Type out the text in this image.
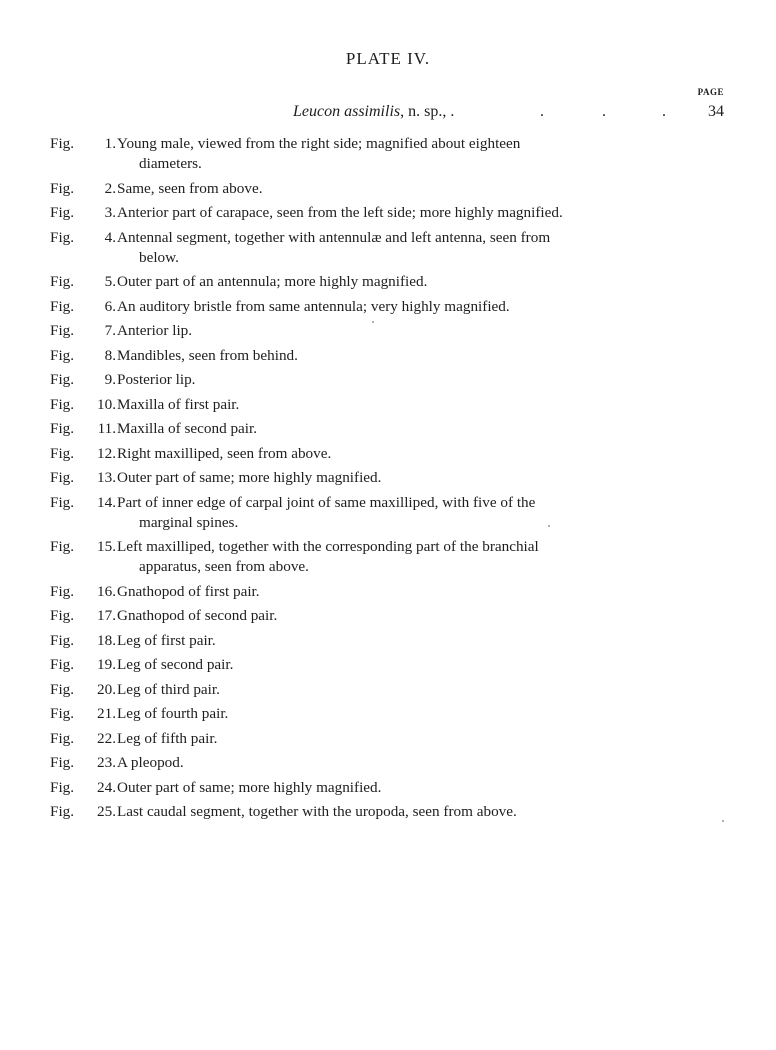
PLATE IV.
PAGE
Leucon assimilis, n. sp., .	.	.	.	34
Fig.	1. Young male, viewed from the right side; magnified about eighteen
diameters.
Fig.	2. Same, seen from above.
Fig.	3. Anterior part of carapace, seen from the left side; more highly magnified.
Fig.	4. Antennal segment, together with antennulæ and left antenna, seen from
below.
Fig.	5. Outer part of an antennula; more highly magnified.
Fig.	6. An auditory bristle from same antennula; very highly magnified.
Fig.	7. Anterior lip.
Fig.	8. Mandibles, seen from behind.
Fig.	9. Posterior lip.
Fig.	10. Maxilla of first pair.
Fig.	11. Maxilla of second pair.
Fig.	12. Right maxilliped, seen from above.
Fig.	13. Outer part of same; more highly magnified.
Fig.	14. Part of inner edge of carpal joint of same maxilliped, with five of the
marginal spines.
Fig.	15. Left maxilliped, together with the corresponding part of the branchial
apparatus, seen from above.
Fig.	16. Gnathopod of first pair.
Fig.	17. Gnathopod of second pair.
Fig.	18. Leg of first pair.
Fig.	19. Leg of second pair.
Fig.	20. Leg of third pair.
Fig.	21. Leg of fourth pair.
Fig.	22. Leg of fifth pair.
Fig.	23. A pleopod.
Fig.	24. Outer part of same; more highly magnified.
Fig.	25. Last caudal segment, together with the uropoda, seen from above.
